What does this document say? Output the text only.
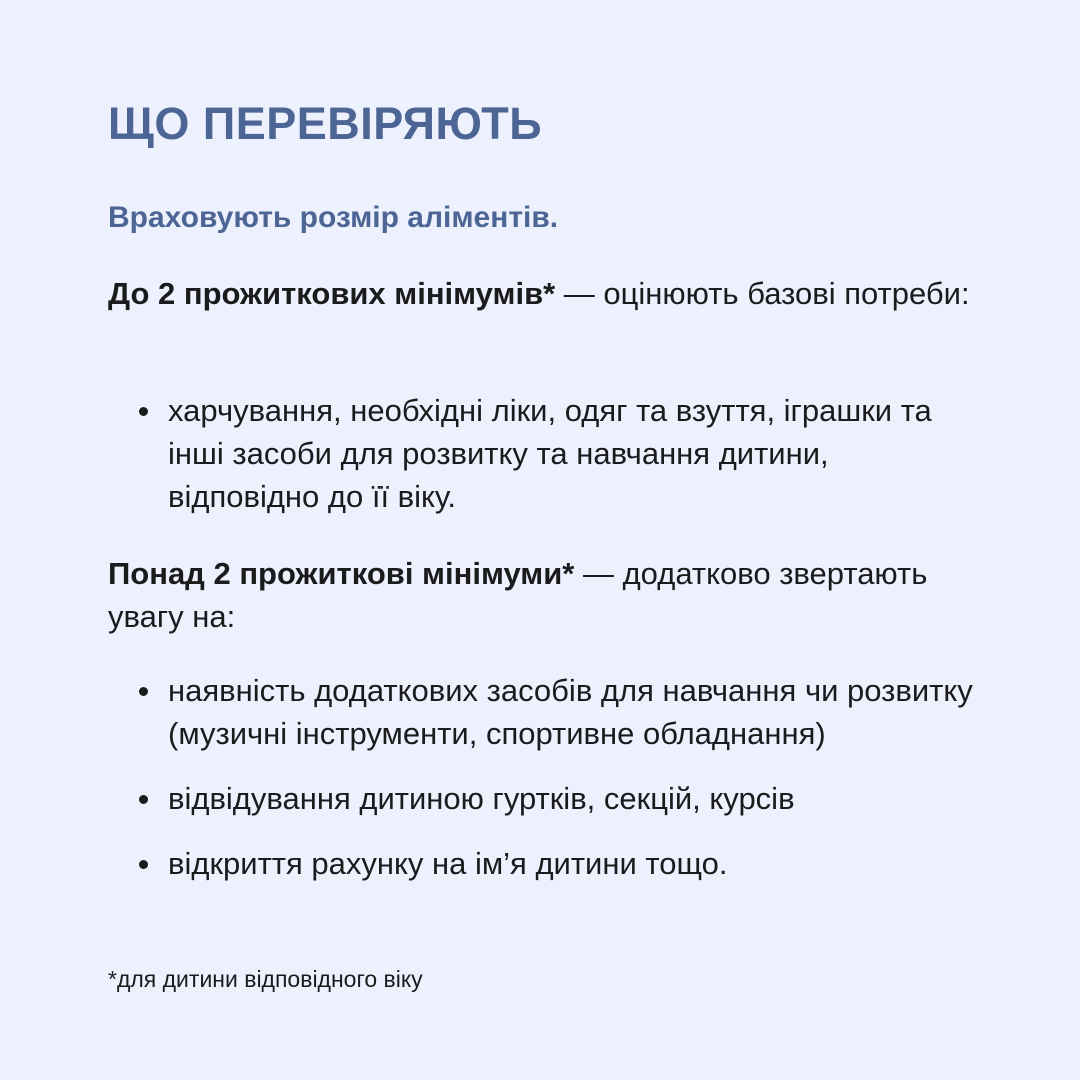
ЩО ПЕРЕВІРЯЮТЬ

Враховують розмір аліментів.

До 2 прожиткових мінімумів* — оцінюють базові потреби:

харчування, необхідні ліки, одяг та взуття, іграшки та інші засоби для розвитку та навчання дитини, відповідно до її віку.

Понад 2 прожиткові мінімуми* — додатково звертають увагу на:

наявність додаткових засобів для навчання чи розвитку (музичні інструменти, спортивне обладнання)
відвідування дитиною гуртків, секцій, курсів
відкриття рахунку на ім’я дитини тощо.

*для дитини відповідного віку
